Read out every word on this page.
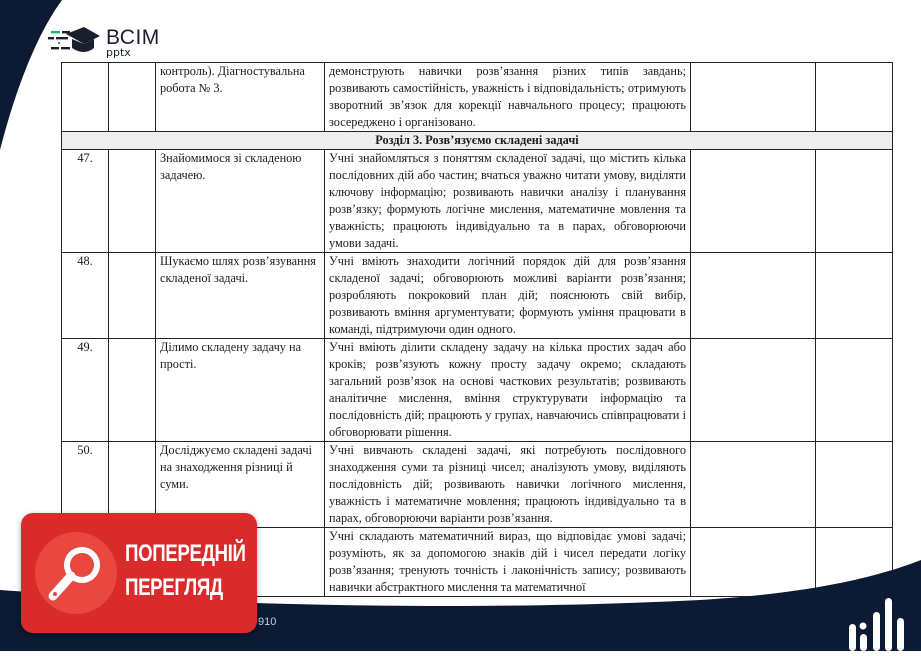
ВСІМ
pptx
		контроль). Діагностувальна робота № 3.	демонструють навички розв’язання різних типів завдань; розвивають самостійність, уважність і відповідальність; отримують зворотний зв’язок для корекції навчального процесу; працюють зосереджено і організовано.		
Розділ 3. Розв’язуємо складені задачі					
47.		Знайомимося зі складеною задачею.	Учні знайомляться з поняттям складеної задачі, що містить кілька послідовних дій або частин; вчаться уважно читати умову, виділяти ключову інформацію; розвивають навички аналізу і планування розв’язку; формують логічне мислення, математичне мовлення та уважність; працюють індивідуально та в парах, обговорюючи умови задачі.		
48.		Шукаємо шлях розв’язування складеної задачі.	Учні вміють знаходити логічний порядок дій для розв’язання складеної задачі; обговорюють можливі варіанти розв’язання; розробляють покроковий план дій; пояснюють свій вибір, розвивають вміння аргументувати; формують уміння працювати в команді, підтримуючи один одного.		
49.		Ділимо складену задачу на прості.	Учні вміють ділити складену задачу на кілька простих задач або кроків; розв’язують кожну просту задачу окремо; складають загальний розв’язок на основі часткових результатів; розвивають аналітичне мислення, вміння структурувати інформацію та послідовність дій; працюють у групах, навчаючись співпрацювати і обговорювати рішення.		
50.		Досліджуємо складені задачі на знаходження різниці й суми.	Учні вивчають складені задачі, які потребують послідовного знаходження суми та різниці чисел; аналізують умову, виділяють послідовність дій; розвивають навички логічного мислення, уважність і математичне мовлення; працюють індивідуально та в парах, обговорюючи варіанти розв’язання.		
			Учні складають математичний вираз, що відповідає умові задачі; розуміють, як за допомогою знаків дій і чисел передати логіку розв’язання; тренують точність і лаконічність запису; розвивають навички абстрактного мислення та математичної		
910
ПОПЕРЕДНІЙ
ПЕРЕГЛЯД
